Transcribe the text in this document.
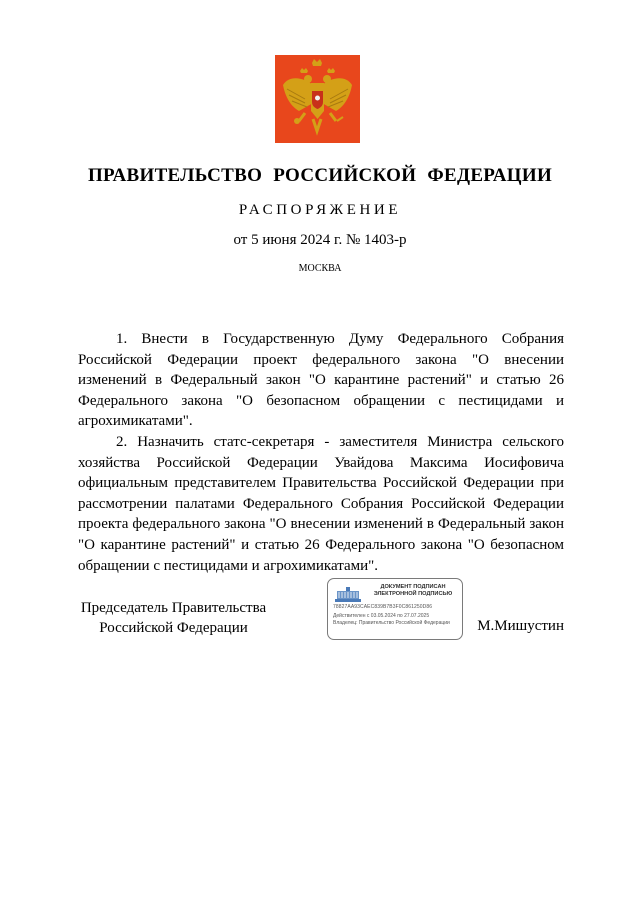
ПРАВИТЕЛЬСТВО РОССИЙСКОЙ ФЕДЕРАЦИИ
РАСПОРЯЖЕНИЕ
от 5 июня 2024 г. № 1403-р
МОСКВА

1. Внести в Государственную Думу Федерального Собрания Российской Федерации проект федерального закона "О внесении изменений в Федеральный закон "О карантине растений" и статью 26 Федерального закона "О безопасном обращении с пестицидами и агрохимикатами".

2. Назначить статс-секретаря - заместителя Министра сельского хозяйства Российской Федерации Увайдова Максима Иосифовича официальным представителем Правительства Российской Федерации при рассмотрении палатами Федерального Собрания Российской Федерации проекта федерального закона "О внесении изменений в Федеральный закон "О карантине растений" и статью 26 Федерального закона "О безопасном обращении с пестицидами и агрохимикатами".

Председатель Правительства
Российской Федерации
ДОКУМЕНТ ПОДПИСАН
ЭЛЕКТРОННОЙ ПОДПИСЬЮ
78827AA93CAEC839B7B3F0C861250D86
Действителен с 03.05.2024 по 27.07.2025
Владелец: Правительство Российской Федерации	М.Мишустин
